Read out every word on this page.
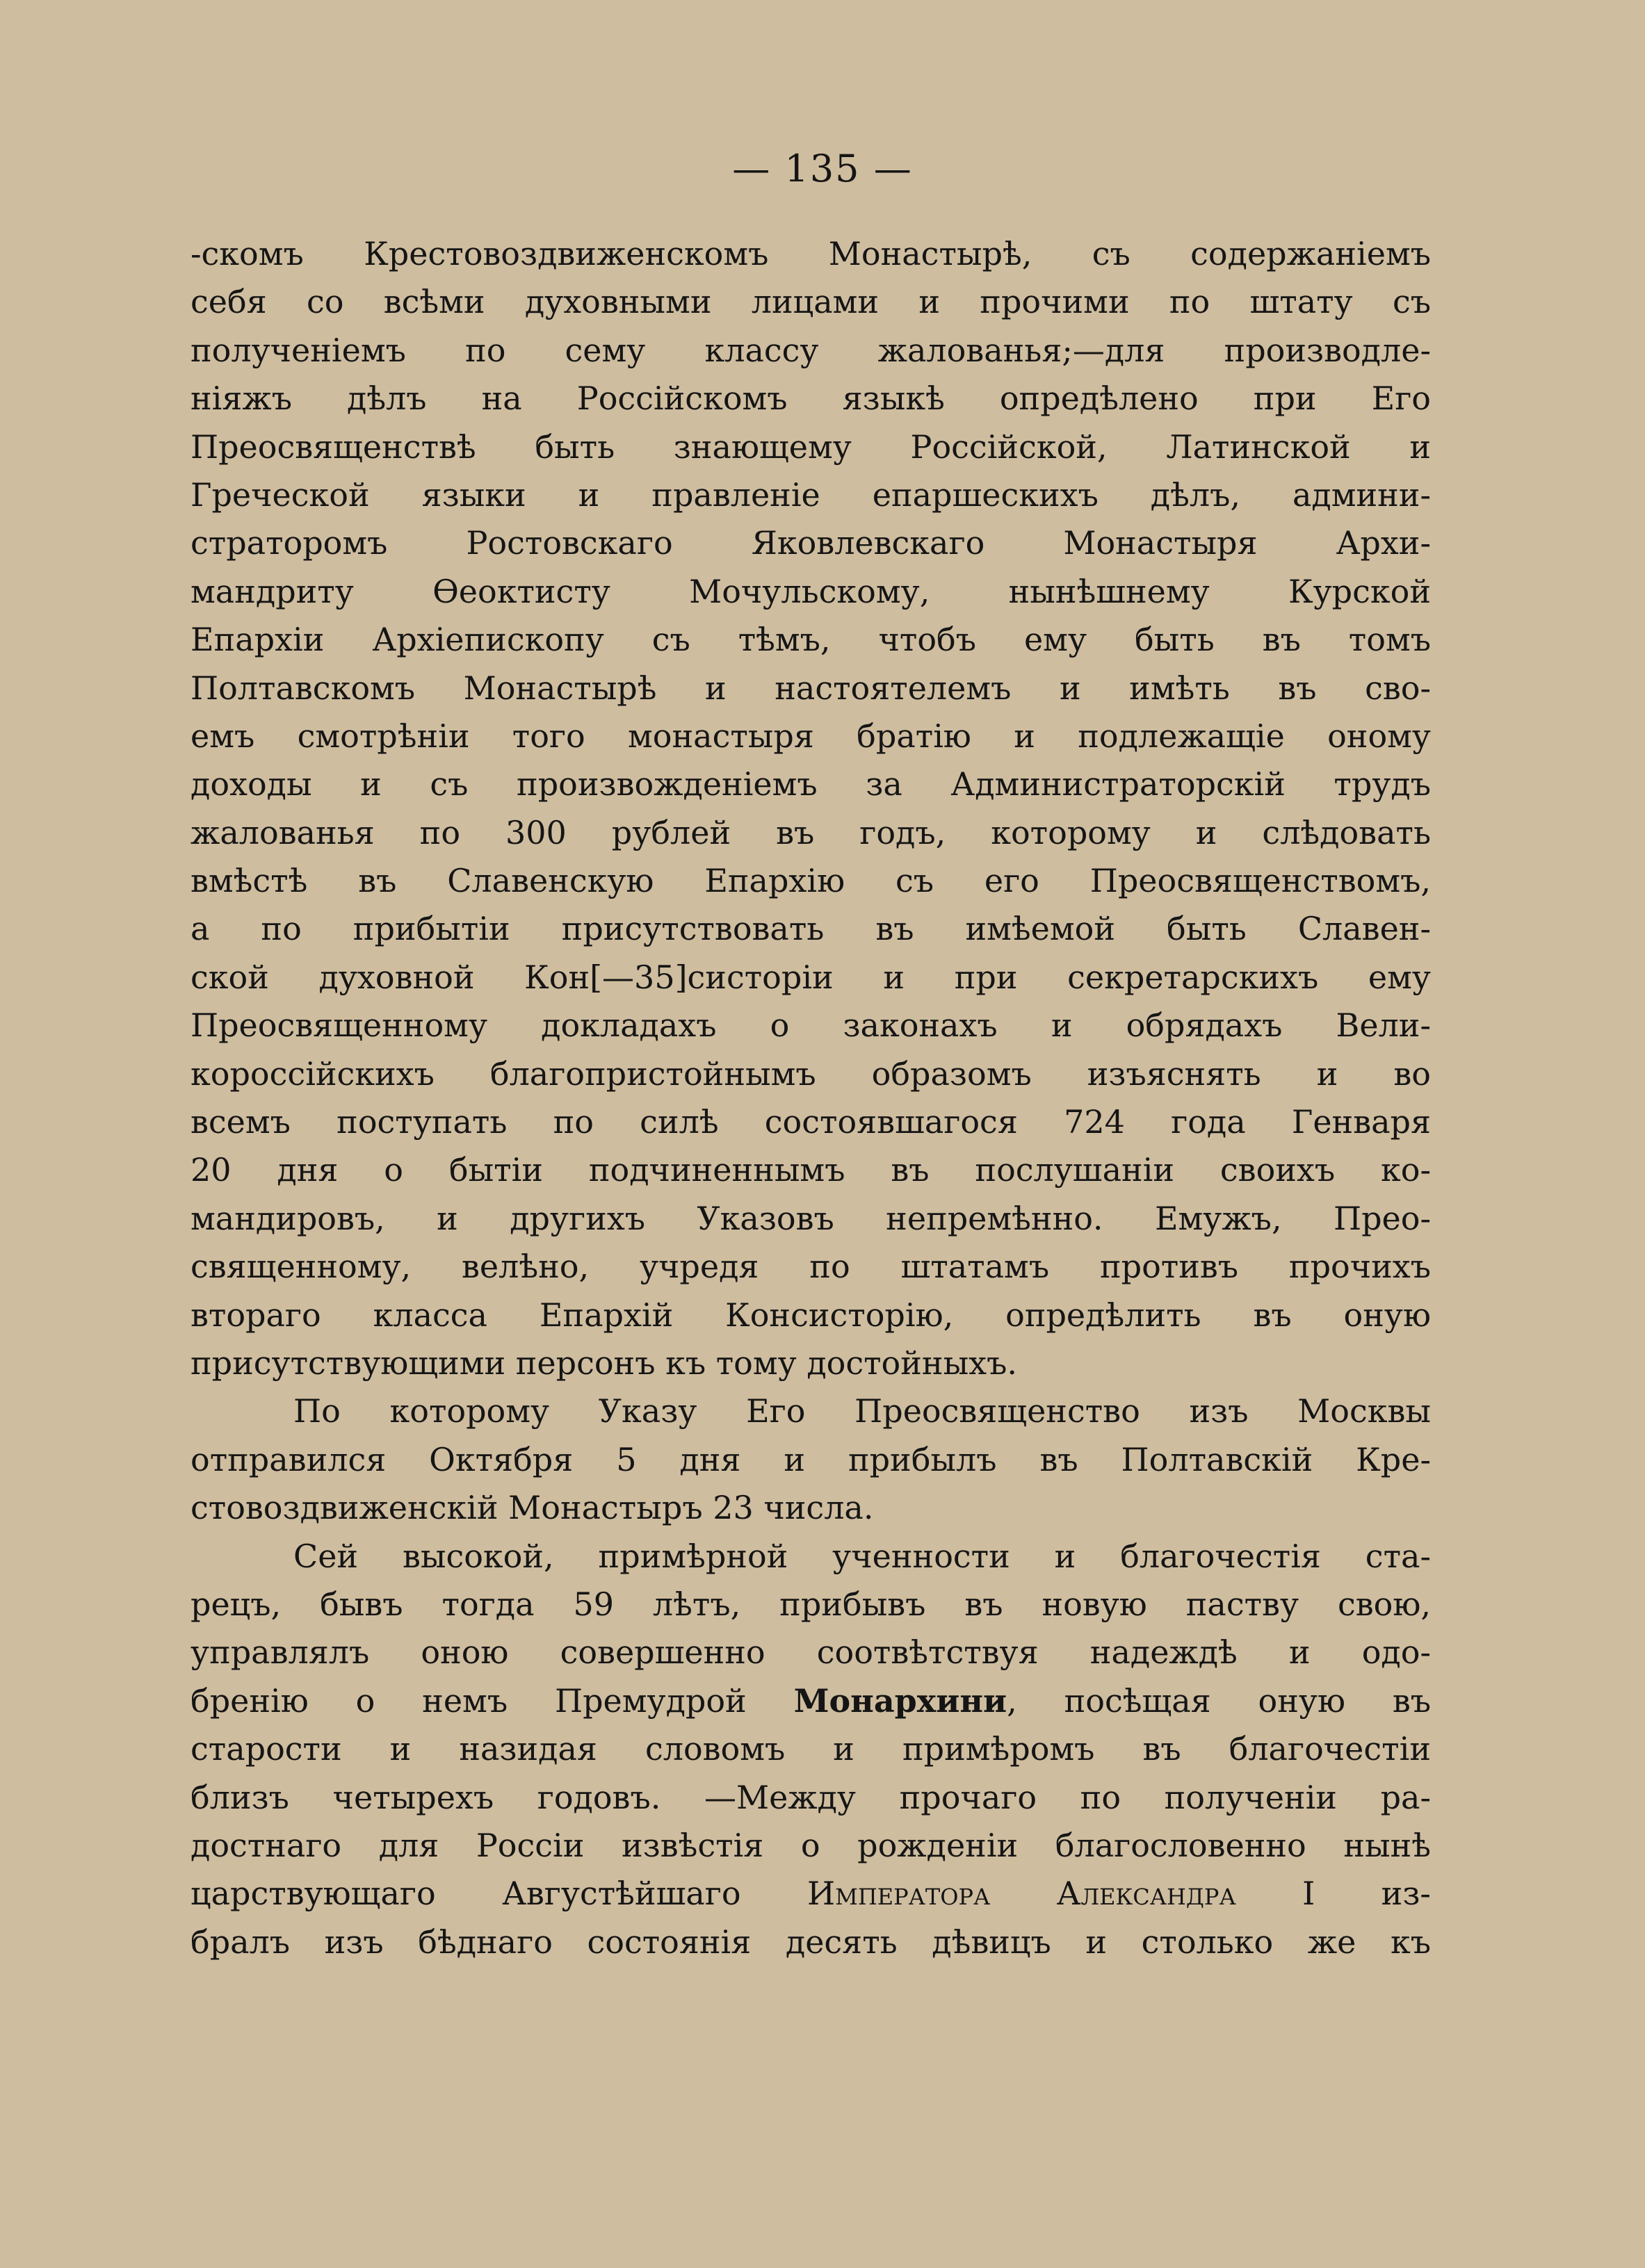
— 135 —
-скомъ Крестовоздвиженскомъ Монастырѣ, съ содержаніемъ
себя со всѣми духовными лицами и прочими по штату съ
полученіемъ по сему классу жалованья;—для производле-
ніяжъ дѣлъ на Россійскомъ языкѣ опредѣлено при Его
Преосвященствѣ быть знающему Россійской, Латинской и
Греческой языки и правленіе епаршескихъ дѣлъ, админи-
страторомъ Ростовскаго Яковлевскаго Монастыря Архи-
мандриту Ѳеоктисту Мочульскому, нынѣшнему Курской
Епархіи Архіепископу съ тѣмъ, чтобъ ему быть въ томъ
Полтавскомъ Монастырѣ и настоятелемъ и имѣть въ сво-
емъ смотрѣніи того монастыря братію и подлежащіе оному
доходы и съ произвожденіемъ за Администраторскій трудъ
жалованья по 300 рублей въ годъ, которому и слѣдовать
вмѣстѣ въ Славенскую Епархію съ его Преосвященствомъ,
а по прибытіи присутствовать въ имѣемой быть Славен-
ской духовной Кон[—35]систоріи и при секретарскихъ ему
Преосвященному докладахъ о законахъ и обрядахъ Вели-
короссійскихъ благопристойнымъ образомъ изъяснять и во
всемъ поступать по силѣ состоявшагося 724 года Генваря
20 дня о бытіи подчиненнымъ въ послушаніи своихъ ко-
мандировъ, и другихъ Указовъ непремѣнно. Емужъ, Прео-
священному, велѣно, учредя по штатамъ противъ прочихъ
втораго класса Епархій Консисторію, опредѣлить въ оную
присутствующими персонъ къ тому достойныхъ.
По которому Указу Его Преосвященство изъ Москвы
отправился Октября 5 дня и прибылъ въ Полтавскій Кре-
стовоздвиженскій Монастыръ 23 числа.
Сей высокой, примѣрной ученности и благочестія ста-
рецъ, бывъ тогда 59 лѣтъ, прибывъ въ новую паству свою,
управлялъ оною совершенно соотвѣтствуя надеждѣ и одо-
бренію о немъ Премудрой Монархини, посѣщая оную въ
старости и назидая словомъ и примѣромъ въ благочестіи
близъ четырехъ годовъ. —Между прочаго по полученіи ра-
достнаго для Россіи извѣстія о рожденіи благословенно нынѣ
царствующаго Августѣйшаго Императора Александра I из-
бралъ изъ бѣднаго состоянія десять дѣвицъ и столько же къ
